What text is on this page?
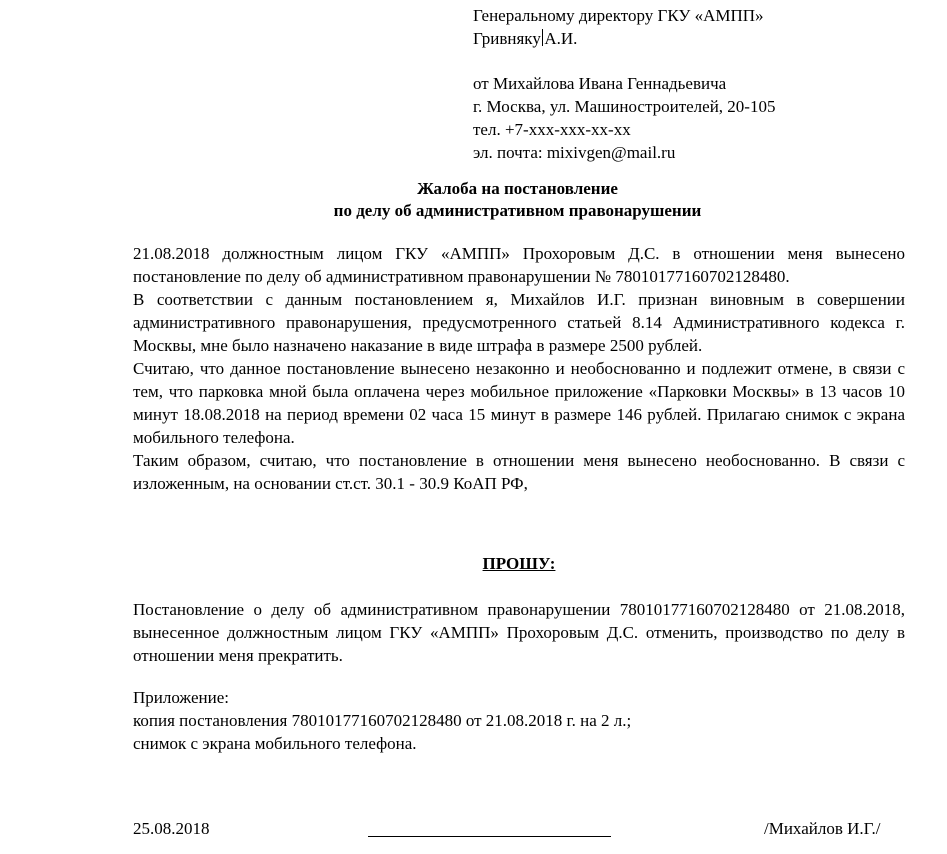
Генеральному директору ГКУ «АМПП»
Гривняку А.И.
от Михайлова Ивана Геннадьевича
г. Москва, ул. Машиностроителей, 20-105
тел. +7-xxx-xxx-xx-xx
эл. почта: mixivgen@mail.ru
Жалоба на постановление
по делу об административном правонарушении

21.08.2018 должностным лицом ГКУ «АМПП» Прохоровым Д.С. в отношении меня вынесено постановление по делу об административном правонарушении № 78010177160702128480.

В соответствии с данным постановлением я, Михайлов И.Г. признан виновным в совершении административного правонарушения, предусмотренного статьей 8.14 Административного кодекса г. Москвы, мне было назначено наказание в виде штрафа в размере 2500 рублей.

Считаю, что данное постановление вынесено незаконно и необоснованно и подлежит отмене, в связи с тем, что парковка мной была оплачена через мобильное приложение «Парковки Москвы» в 13 часов 10 минут 18.08.2018 на период времени 02 часа 15 минут в размере 146 рублей. Прилагаю снимок с экрана мобильного телефона.

Таким образом, считаю, что постановление в отношении меня вынесено необоснованно. В связи с изложенным, на основании ст.ст. 30.1 - 30.9 КоАП РФ,

ПРОШУ:

Постановление о делу об административном правонарушении 78010177160702128480 от 21.08.2018, вынесенное должностным лицом ГКУ «АМПП» Прохоровым Д.С. отменить, производство по делу в отношении меня прекратить.

Приложение:
копия постановления 78010177160702128480 от 21.08.2018 г. на 2 л.;
снимок с экрана мобильного телефона.
25.08.2018	/Михайлов И.Г./
